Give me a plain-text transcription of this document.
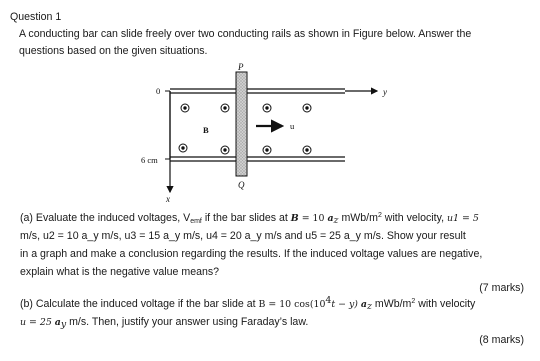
Question 1
A conducting bar can slide freely over two conducting rails as shown in Figure below. Answer the
questions based on the given situations.
P
Q
y
x
0
6 cm
B	u
(a) Evaluate the induced voltages, $V_{emf}$ if the bar slides at B = 10 $a_z$ mWb/$m^2$ with velocity, u1 = 5
m/s, u2 = 10 a_y m/s, u3 = 15 a_y m/s, u4 = 20 a_y m/s and u5 = 25 a_y m/s. Show your result
in a graph and make a conclusion regarding the results. If the induced voltage values are negative,
explain what is the negative value means?
(7 marks)
(b) Calculate the induced voltage if the bar slide at B = 10 $\cos(10^4t - y)$ $a_z$ mWb/$m^2$ with velocity
u = 25 $a_y$ m/s. Then, justify your answer using Faraday’s law.
(8 marks)
